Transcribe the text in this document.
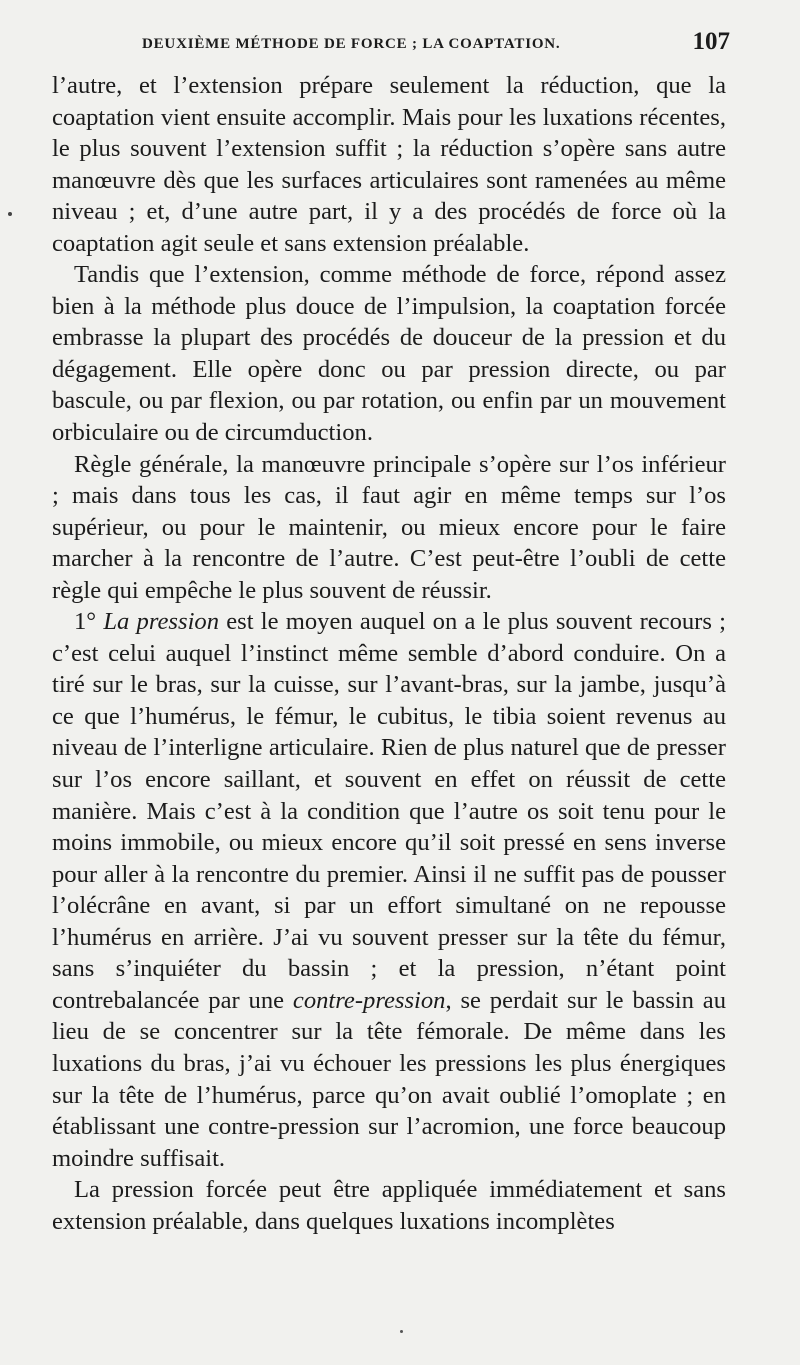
DEUXIÈME MÉTHODE DE FORCE ; LA COAPTATION.	107

l’autre, et l’extension prépare seulement la réduction, que la coaptation vient ensuite accomplir. Mais pour les luxations récentes, le plus souvent l’extension suffit ; la réduction s’opère sans autre manœuvre dès que les surfaces articulaires sont ramenées au même niveau ; et, d’une autre part, il y a des procédés de force où la coaptation agit seule et sans extension préalable.

Tandis que l’extension, comme méthode de force, répond assez bien à la méthode plus douce de l’impulsion, la coaptation forcée embrasse la plupart des procédés de douceur de la pression et du dégagement. Elle opère donc ou par pression directe, ou par bascule, ou par flexion, ou par rotation, ou enfin par un mouvement orbiculaire ou de circumduction.

Règle générale, la manœuvre principale s’opère sur l’os inférieur ; mais dans tous les cas, il faut agir en même temps sur l’os supérieur, ou pour le maintenir, ou mieux encore pour le faire marcher à la rencontre de l’autre. C’est peut-être l’oubli de cette règle qui empêche le plus souvent de réussir.

1° La pression est le moyen auquel on a le plus souvent recours ; c’est celui auquel l’instinct même semble d’abord conduire. On a tiré sur le bras, sur la cuisse, sur l’avant-bras, sur la jambe, jusqu’à ce que l’humérus, le fémur, le cubitus, le tibia soient revenus au niveau de l’interligne articulaire. Rien de plus naturel que de presser sur l’os encore saillant, et souvent en effet on réussit de cette manière. Mais c’est à la condition que l’autre os soit tenu pour le moins immobile, ou mieux encore qu’il soit pressé en sens inverse pour aller à la rencontre du premier. Ainsi il ne suffit pas de pousser l’olécrâne en avant, si par un effort simultané on ne repousse l’humérus en arrière. J’ai vu souvent presser sur la tête du fémur, sans s’inquiéter du bassin ; et la pression, n’étant point contrebalancée par une contre-pression, se perdait sur le bassin au lieu de se concentrer sur la tête fémorale. De même dans les luxations du bras, j’ai vu échouer les pressions les plus énergiques sur la tête de l’humérus, parce qu’on avait oublié l’omoplate ; en établissant une contre-pression sur l’acromion, une force beaucoup moindre suffisait.

La pression forcée peut être appliquée immédiatement et sans extension préalable, dans quelques luxations incomplètes
